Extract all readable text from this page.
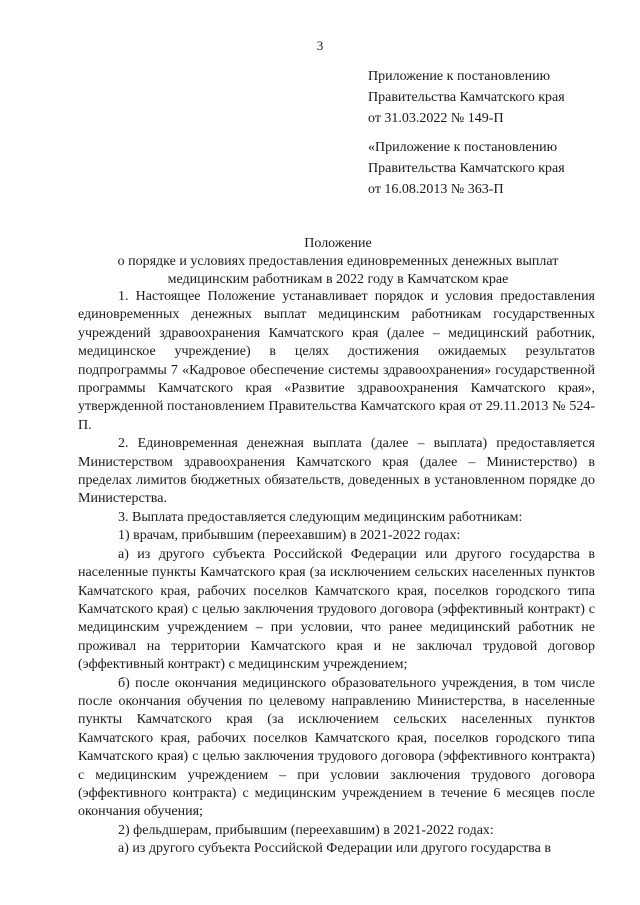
3
Приложение к постановлению
Правительства Камчатского края
от 31.03.2022 № 149-П
«Приложение к постановлению
Правительства Камчатского края
от 16.08.2013 № 363-П
Положение
о порядке и условиях предоставления единовременных денежных выплат
медицинским работникам в 2022 году в Камчатском крае

1. Настоящее Положение устанавливает порядок и условия предоставления единовременных денежных выплат медицинским работникам государственных учреждений здравоохранения Камчатского края (далее – медицинский работник, медицинское учреждение) в целях достижения ожидаемых результатов подпрограммы 7 «Кадровое обеспечение системы здравоохранения» государственной программы Камчатского края «Развитие здравоохранения Камчатского края», утвержденной постановлением Правительства Камчатского края от 29.11.2013 № 524-П.

2. Единовременная денежная выплата (далее – выплата) предоставляется Министерством здравоохранения Камчатского края (далее – Министерство) в пределах лимитов бюджетных обязательств, доведенных в установленном порядке до Министерства.

3. Выплата предоставляется следующим медицинским работникам:

1) врачам, прибывшим (переехавшим) в 2021-2022 годах:

а) из другого субъекта Российской Федерации или другого государства в населенные пункты Камчатского края (за исключением сельских населенных пунктов Камчатского края, рабочих поселков Камчатского края, поселков городского типа Камчатского края) с целью заключения трудового договора (эффективный контракт) с медицинским учреждением – при условии, что ранее медицинский работник не проживал на территории Камчатского края и не заключал трудовой договор (эффективный контракт) с медицинским учреждением;

б) после окончания медицинского образовательного учреждения, в том числе после окончания обучения по целевому направлению Министерства, в населенные пункты Камчатского края (за исключением сельских населенных пунктов Камчатского края, рабочих поселков Камчатского края, поселков городского типа Камчатского края) с целью заключения трудового договора (эффективного контракта) с медицинским учреждением – при условии заключения трудового договора (эффективного контракта) с медицинским учреждением в течение 6 месяцев после окончания обучения;

2) фельдшерам, прибывшим (переехавшим) в 2021-2022 годах:

а) из другого субъекта Российской Федерации или другого государства в
